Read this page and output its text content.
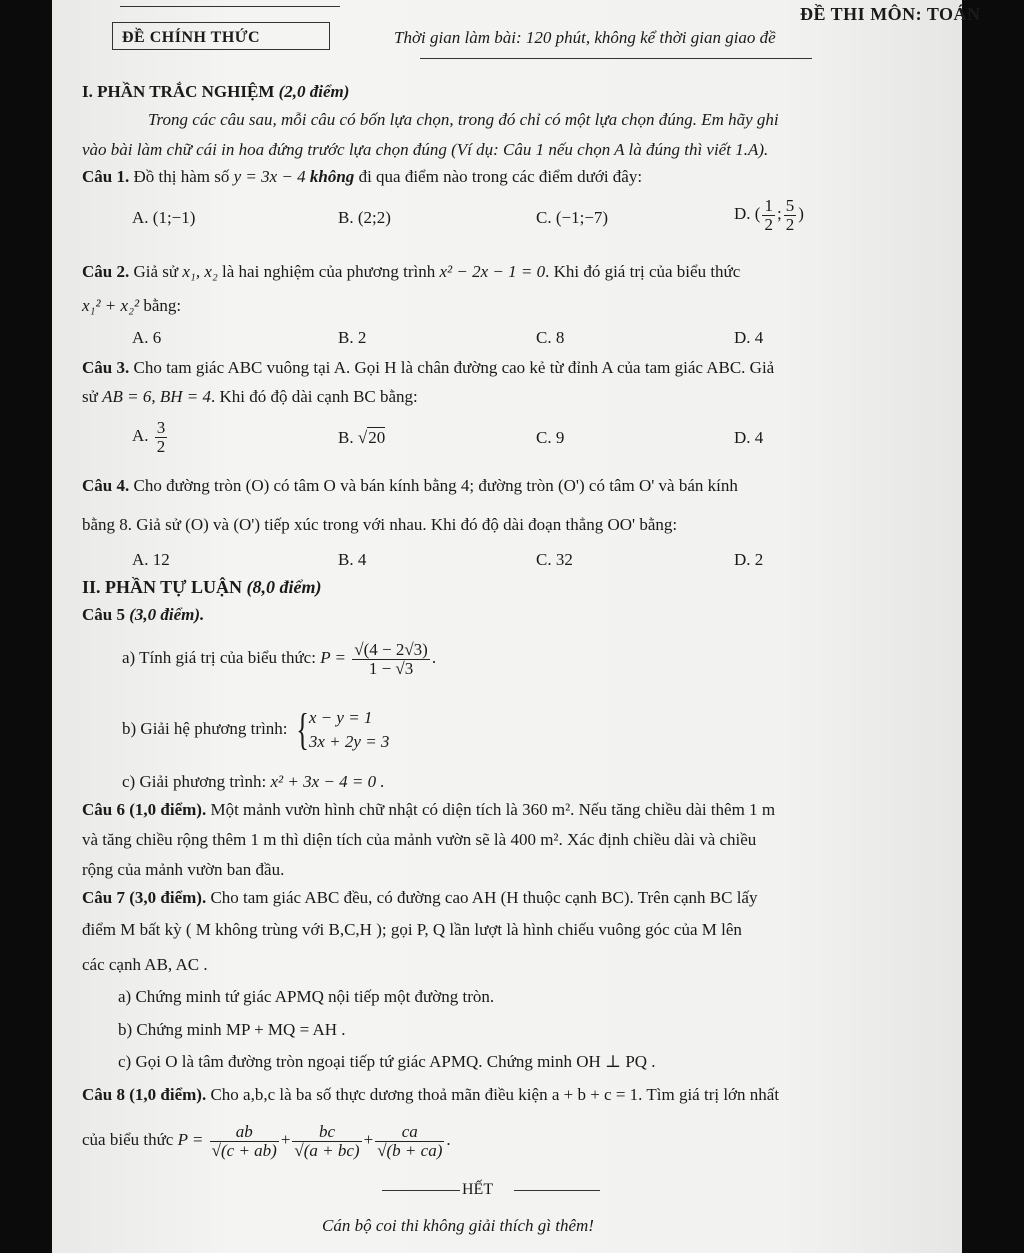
ĐỀ THI MÔN: TOÁN
ĐỀ CHÍNH THỨC	Thời gian làm bài: 120 phút, không kể thời gian giao đề
I. PHẦN TRẮC NGHIỆM (2,0 điểm)
Trong các câu sau, mỗi câu có bốn lựa chọn, trong đó chỉ có một lựa chọn đúng. Em hãy ghi
vào bài làm chữ cái in hoa đứng trước lựa chọn đúng (Ví dụ: Câu 1 nếu chọn A là đúng thì viết 1.A).
Câu 1. Đồ thị hàm số y = 3x − 4 không đi qua điểm nào trong các điểm dưới đây:
A. (1;−1)	B. (2;2)	C. (−1;−7)	D. ( $\frac{1}{2}$ ; $\frac{5}{2}$ )
Câu 2. Giả sử x₁, x₂ là hai nghiệm của phương trình x² − 2x − 1 = 0. Khi đó giá trị của biểu thức
x₁² + x₂² bằng:
A. 6	B. 2	C. 8	D. 4
Câu 3. Cho tam giác ABC vuông tại A. Gọi H là chân đường cao kẻ từ đỉnh A của tam giác ABC. Giả
sử AB = 6, BH = 4. Khi đó độ dài cạnh BC bằng:
A. $\frac{3}{2}$	B. √20	C. 9	D. 4
Câu 4. Cho đường tròn (O) có tâm O và bán kính bằng 4; đường tròn (O') có tâm O' và bán kính
bằng 8. Giả sử (O) và (O') tiếp xúc trong với nhau. Khi đó độ dài đoạn thẳng OO' bằng:
A. 12	B. 4	C. 32	D. 2
II. PHẦN TỰ LUẬN (8,0 điểm)
Câu 5 (3,0 điểm).
a) Tính giá trị của biểu thức: $P = \frac{√(4 - 2√3)}{1 - √3}$ .
b) Giải hệ phương trình: { x − y = 1
3x + 2y = 3
c) Giải phương trình: x² + 3x − 4 = 0 .
Câu 6 (1,0 điểm). Một mảnh vườn hình chữ nhật có diện tích là 360 m². Nếu tăng chiều dài thêm 1 m
và tăng chiều rộng thêm 1 m thì diện tích của mảnh vườn sẽ là 400 m². Xác định chiều dài và chiều
rộng của mảnh vườn ban đầu.
Câu 7 (3,0 điểm). Cho tam giác ABC đều, có đường cao AH (H thuộc cạnh BC). Trên cạnh BC lấy
điểm M bất kỳ ( M không trùng với B,C,H ); gọi P, Q lần lượt là hình chiếu vuông góc của M lên
các cạnh AB, AC .
a) Chứng minh tứ giác APMQ nội tiếp một đường tròn.
b) Chứng minh MP + MQ = AH .
c) Gọi O là tâm đường tròn ngoại tiếp tứ giác APMQ. Chứng minh OH ⊥ PQ .
Câu 8 (1,0 điểm). Cho a,b,c là ba số thực dương thoả mãn điều kiện a + b + c = 1. Tìm giá trị lớn nhất
của biểu thức $P = \frac{ab}{√(c + ab)} + \frac{bc}{√(a + bc)} + \frac{ca}{√(b + ca)}$ .
HẾT
Cán bộ coi thi không giải thích gì thêm!
